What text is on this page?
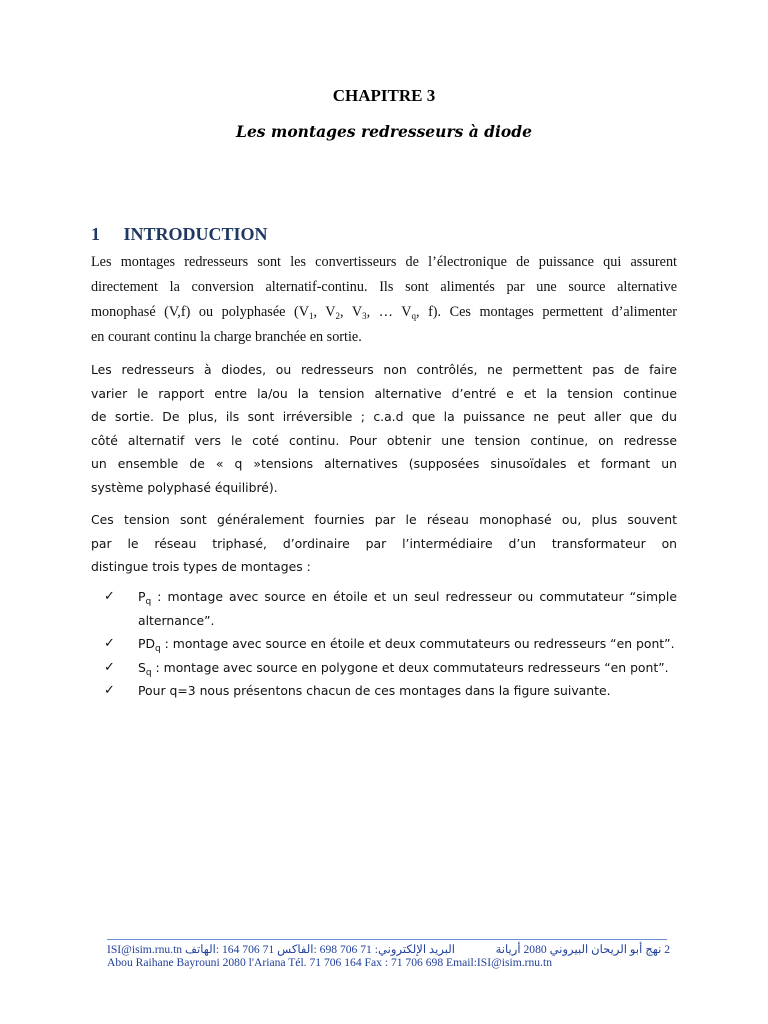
CHAPITRE 3
Les montages redresseurs à diode
1 INTRODUCTION
Les montages redresseurs sont les convertisseurs de l’électronique de puissance qui assurent
directement la conversion alternatif-continu. Ils sont alimentés par une source alternative
monophasé (V,f) ou polyphasée ($V_1$, $V_2$, $V_3$, … $V_q$, f). Ces montages permettent d’alimenter
en courant continu la charge branchée en sortie.
Les redresseurs à diodes, ou redresseurs non contrôlés, ne permettent pas de faire
varier le rapport entre la/ou la tension alternative d’entré e et la tension continue
de sortie. De plus, ils sont irréversible ; c.a.d que la puissance ne peut aller que du
côté alternatif vers le coté continu. Pour obtenir une tension continue, on redresse
un ensemble de « q »tensions alternatives (supposées sinusoïdales et formant un
système polyphasé équilibré).
Ces tension sont généralement fournies par le réseau monophasé ou, plus souvent
par le réseau triphasé, d’ordinaire par l’intermédiaire d’un transformateur on
distingue trois types de montages :
✓ $P_q$ : montage avec source en étoile et un seul redresseur ou commutateur “simple alternance”.
✓ $PD_q$ : montage avec source en étoile et deux commutateurs ou redresseurs “en pont”.
✓ $S_q$ : montage avec source en polygone et deux commutateurs redresseurs “en pont”.
✓ Pour q=3 nous présentons chacun de ces montages dans la figure suivante.
ISI@isim.rnu.tn البريد الإلكتروني: 71 706 698 :الفاكس 71 706 164 :الهاتف	2 نهج أبو الريحان البيروني 2080 أريانة
Abou Raihane Bayrouni 2080 l'Ariana Tél. 71 706 164 Fax : 71 706 698 Email:ISI@isim.rnu.tn
